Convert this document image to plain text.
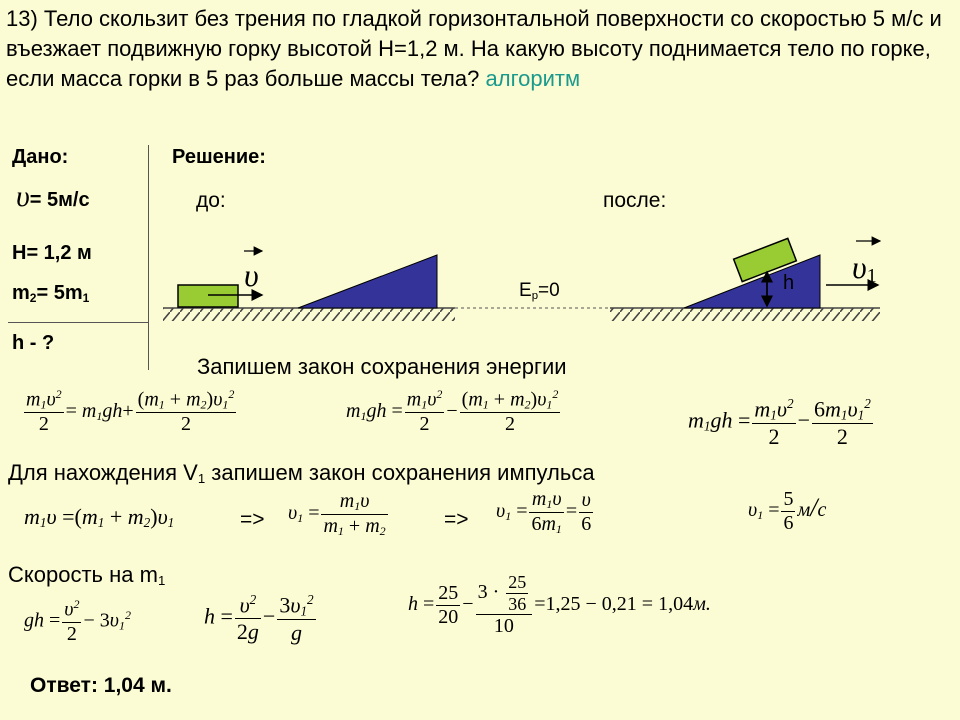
13) Тело скользит без трения по гладкой горизонтальной поверхности со скоростью 5 м/с и въезжает подвижную горку высотой H=1,2 м. На какую высоту поднимается тело по горке, если масса горки в 5 раз больше массы тела? алгоритм
Дано:
υ= 5м/с
H= 1,2 м
$m_2= 5m_1$
h - ?
Решение:
до:	после:
υ	υ1
h
$E_p=0$
Запишем закон сохранения энергии
$\frac{m_1\upsilon^2}{2} = m_1gh+ \frac{(m_1 + m_2)\upsilon_1^2}{2}$	$m_1gh = \frac{m_1\upsilon^2}{2} - \frac{(m_1 + m_2)\upsilon_1^2}{2}$	$m_1gh = \frac{m_1\upsilon^2}{2} - \frac{6m_1\upsilon_1^2}{2}$
Для нахождения $V_1$ запишем закон сохранения импульса
$m_1\upsilon =(m_1 + m_2)\upsilon_1$	=> $\upsilon_1 = \frac{m_1\upsilon}{m_1 + m_2}$	=> $\upsilon_1 = \frac{m_1\upsilon}{6m_1} = \frac{\upsilon}{6}$	$\upsilon_1 = \frac{5}{6} м/с$
Скорость на $m_1$
gh = $\frac{\upsilon^2}{2} - 3\upsilon_1^2$	$h = \frac{\upsilon^2}{2g} - \frac{3\upsilon_1^2}{g}$	$h = \frac{25}{20} - \frac{3 \cdot \frac{25}{36}}{10} =1,25 - 0,21 = 1,04м$.
Ответ: 1,04 м.
